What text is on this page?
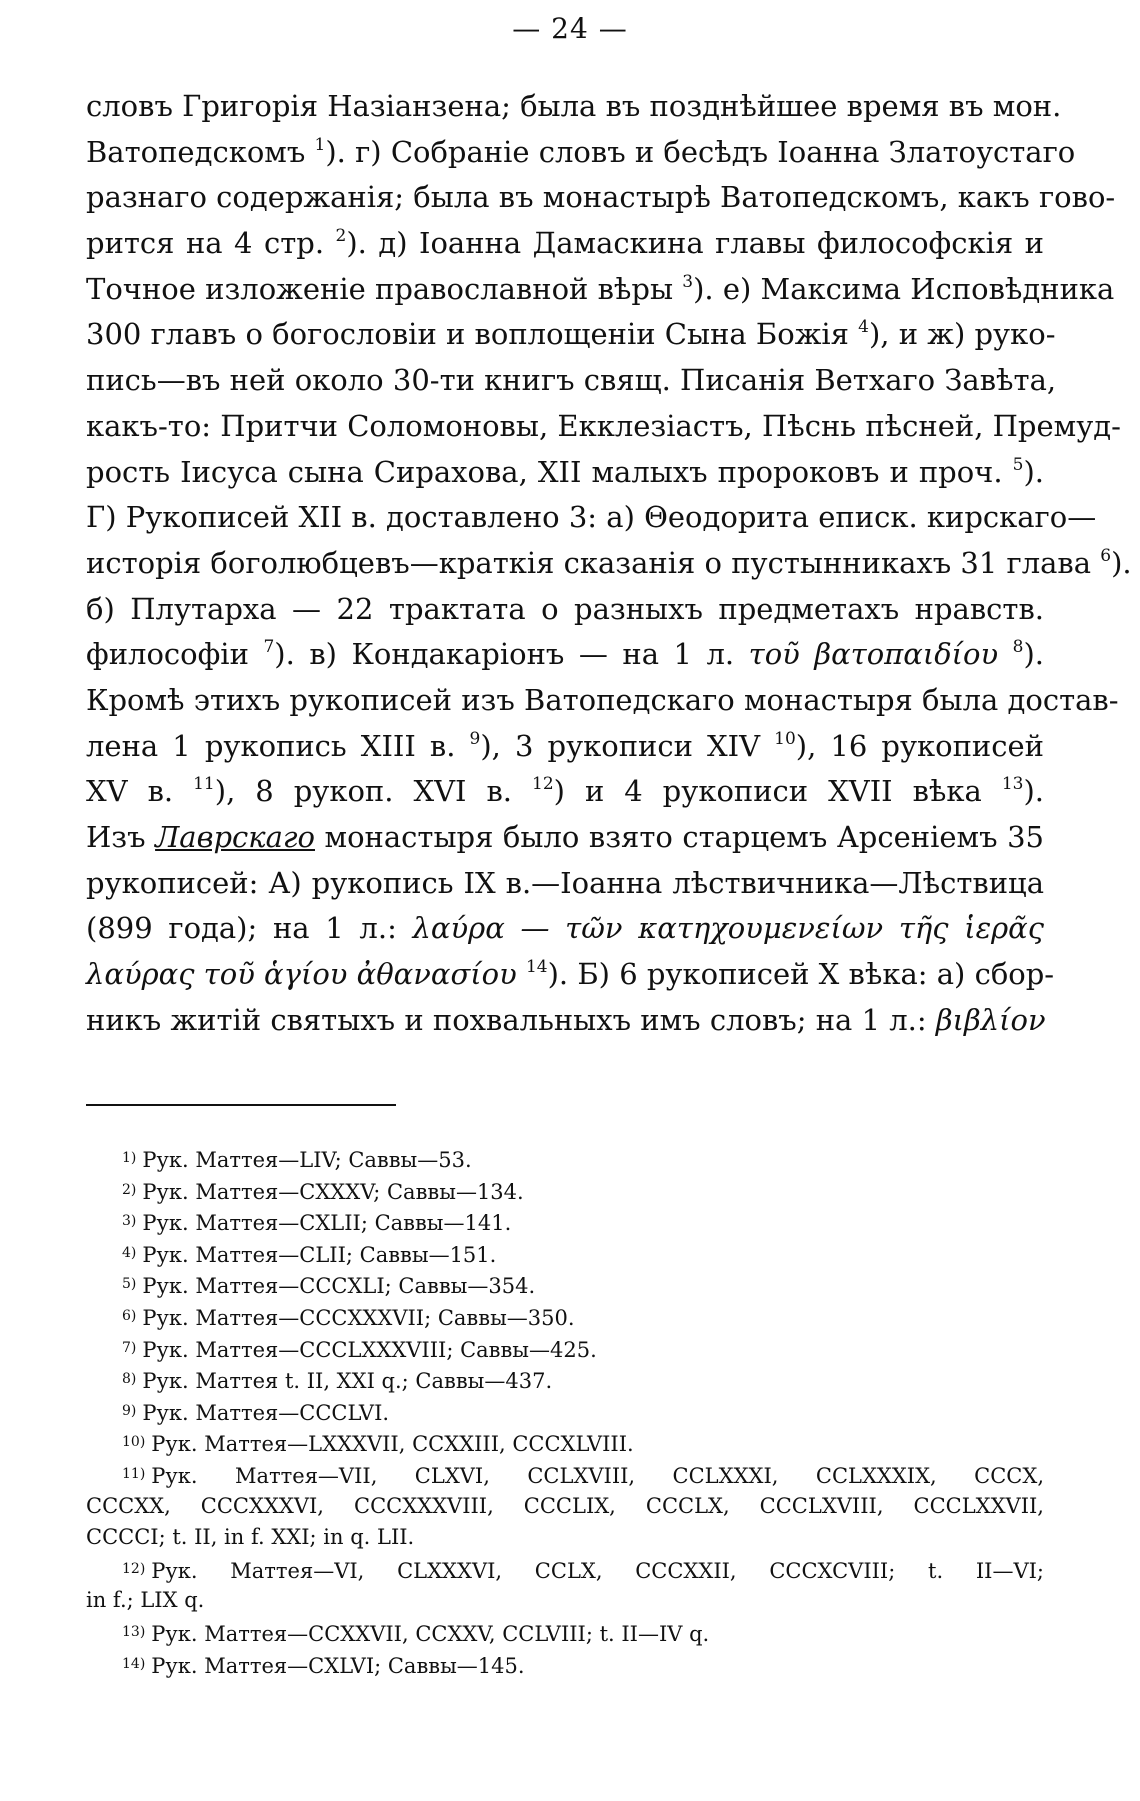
— 24 —
словъ Григорія Назіанзена; была въ позднѣйшее время въ мон.
Ватопедскомъ $^1$). г) Собраніе словъ и бесѣдъ Іоанна Златоустаго
разнаго содержанія; была въ монастырѣ Ватопедскомъ, какъ гово-
рится на 4 стр. $^2$). д) Іоанна Дамаскина главы философскія и
Точное изложеніе православной вѣры $^3$). е) Максима Исповѣдника
300 главъ о богословіи и воплощеніи Сына Божія $^4$), и ж) руко-
пись—въ ней около 30-ти книгъ свящ. Писанія Ветхаго Завѣта,
какъ-то: Притчи Соломоновы, Екклезіастъ, Пѣснь пѣсней, Премуд-
рость Іисуса сына Сирахова, XII малыхъ пророковъ и проч. $^5$).
Г) Рукописей XII в. доставлено 3: а) Θеодорита еписк. кирскаго—
исторія боголюбцевъ—краткія сказанія о пустынникахъ 31 глава $^6$).
б) Плутарха — 22 трактата о разныхъ предметахъ нравств.
философіи $^7$). в) Кондакаріонъ — на 1 л. τοῦ βατοπαιδίου $^8$).
Кромѣ этихъ рукописей изъ Ватопедскаго монастыря была достав-
лена 1 рукопись XIII в. $^9$), 3 рукописи XIV $^{10}$), 16 рукописей
XV в. $^{11}$), 8 рукоп. XVI в. $^{12}$) и 4 рукописи XVII вѣка $^{13}$).
Изъ Лаврскаго монастыря было взято старцемъ Арсеніемъ 35
рукописей: А) рукопись IX в.—Іоанна лѣствичника—Лѣствица
(899 года); на 1 л.: λαύρα — τῶν κατηχουμενείων τῆς ἱερᾶς
λαύρας τοῦ ἁγίου ἀθανασίου $^{14}$). Б) 6 рукописей X вѣка: а) сбор-
никъ житій святыхъ и похвальныхъ имъ словъ; на 1 л.: βιβλίον
$^{1)}$ Рук. Маттея—LIV; Саввы—53.
$^{2)}$ Рук. Маттея—CXXXV; Саввы—134.
$^{3)}$ Рук. Маттея—CXLII; Саввы—141.
$^{4)}$ Рук. Маттея—CLII; Саввы—151.
$^{5)}$ Рук. Маттея—CCCXLI; Саввы—354.
$^{6)}$ Рук. Маттея—CCCXXXVII; Саввы—350.
$^{7)}$ Рук. Маттея—CCCLXXXVIII; Саввы—425.
$^{8)}$ Рук. Маттея t. II, XXI q.; Саввы—437.
$^{9)}$ Рук. Маттея—CCCLVI.
$^{10)}$ Рук. Маттея—LXXXVII, CCXXIII, CCCXLVIII.
$^{11)}$ Рук. Маттея—VII, CLXVI, CCLXVIII, CCLXXXI, CCLXXXIX, CCCX,
CCCXX, CCCXXXVI, CCCXXXVIII, CCCLIX, CCCLX, CCCLXVIII, CCCLXXVII,
CCCCI; t. II, in f. XXI; in q. LII.
$^{12)}$ Рук. Маттея—VI, CLXXXVI, CCLX, CCCXXII, CCCXCVIII; t. II—VI;
in f.; LIX q.
$^{13)}$ Рук. Маттея—CCXXVII, CCXXV, CCLVIII; t. II—IV q.
$^{14)}$ Рук. Маттея—CXLVI; Саввы—145.
